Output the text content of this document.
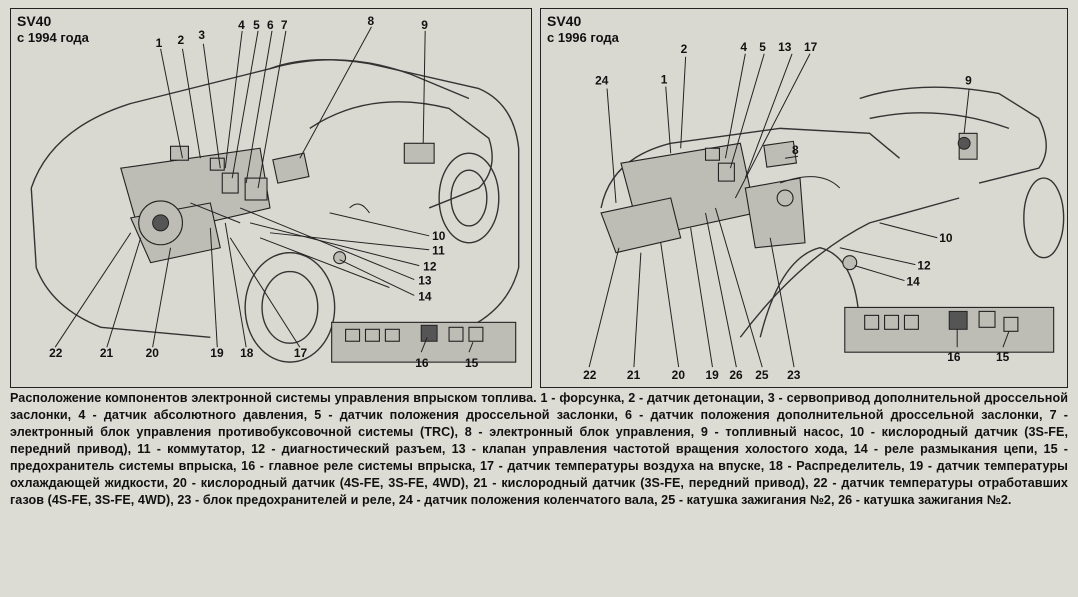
SV40
с 1994 года	1 2 3
4 5 6 7	8	9
10
11
12
13
14
15
16
17
18
19
20
21
22
SV40
с 1996 года
1
2	4 5 13 17
8
9
24
10
12
14
16	15
22	21	20 19 26 25 23
Расположение компонентов электронной системы управления впрыском топлива. 1 - форсунка, 2 - датчик детонации, 3 - сервопривод дополнительной дроссельной заслонки, 4 - датчик абсолютного давления, 5 - датчик положения дроссельной заслонки, 6 - датчик положения дополнительной дроссельной заслонки, 7 - электронный блок управления противобуксовочной системы (TRC), 8 - электронный блок управления, 9 - топливный насос, 10 - кислородный датчик (3S-FE, передний привод), 11 - коммутатор, 12 - диагностический разъем, 13 - клапан управления частотой вращения холостого хода, 14 - реле размыкания цепи, 15 - предохранитель системы впрыска, 16 - главное реле системы впрыска, 17 - датчик температуры воздуха на впуске, 18 - Распределитель, 19 - датчик температуры охлаждающей жидкости, 20 - кислородный датчик (4S-FE, 3S-FE, 4WD), 21 - кислородный датчик (3S-FE, передний привод), 22 - датчик температуры отработавших газов (4S-FE, 3S-FE, 4WD), 23 - блок предохранителей и реле, 24 - датчик положения коленчатого вала, 25 - катушка зажигания №2, 26 - катушка зажигания №2.
